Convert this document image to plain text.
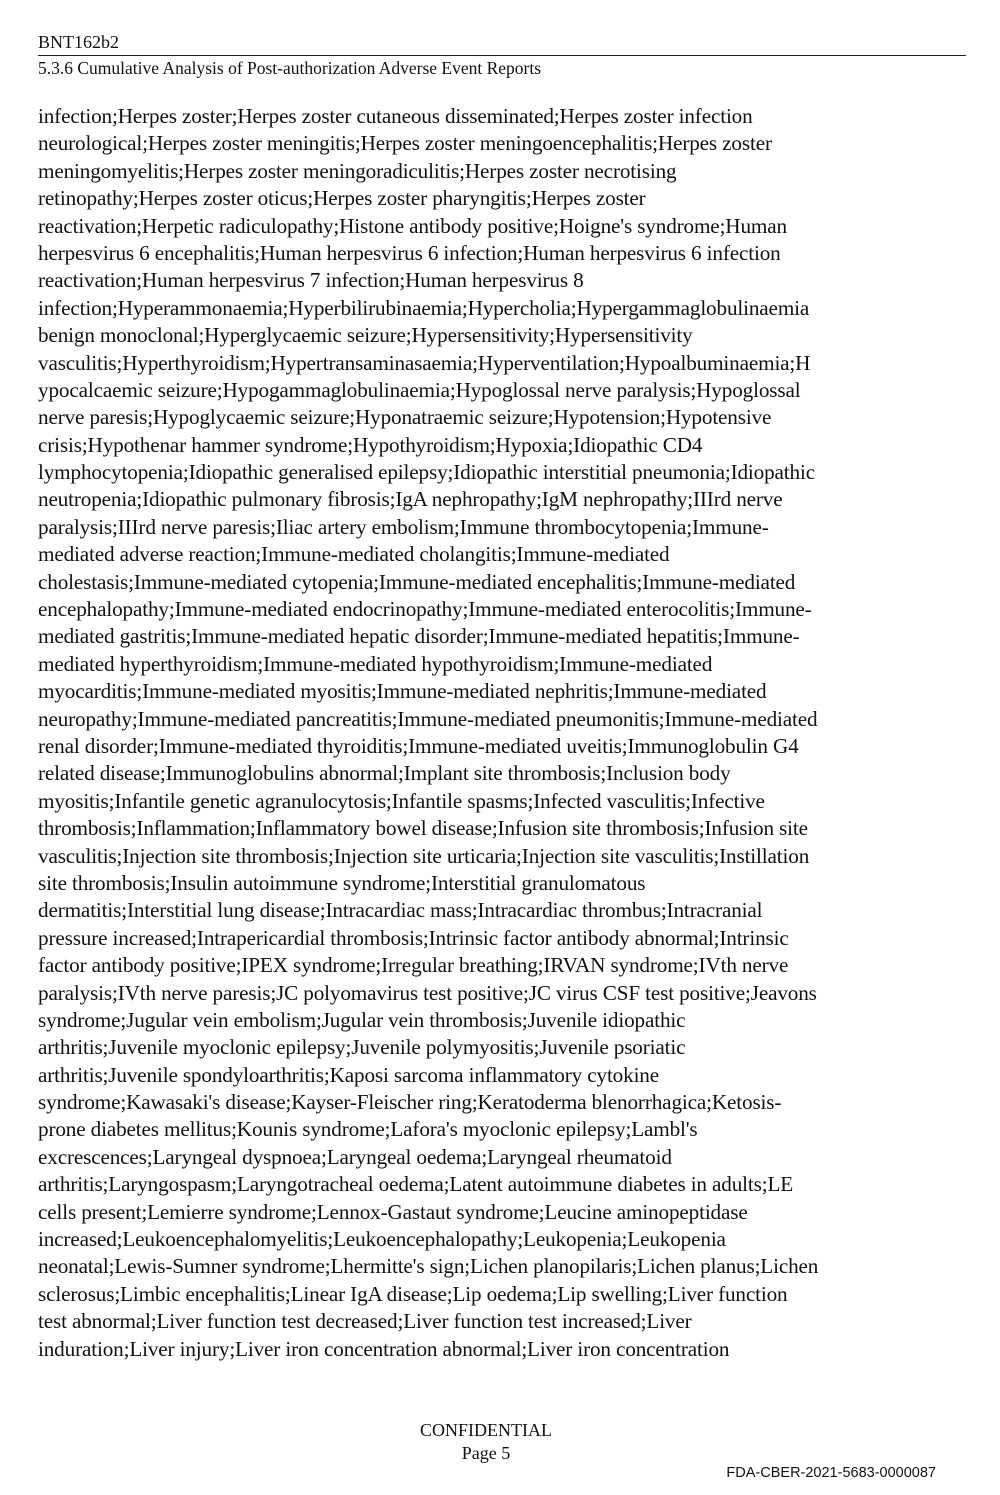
BNT162b2
5.3.6 Cumulative Analysis of Post-authorization Adverse Event Reports
infection;Herpes zoster;Herpes zoster cutaneous disseminated;Herpes zoster infection
neurological;Herpes zoster meningitis;Herpes zoster meningoencephalitis;Herpes zoster
meningomyelitis;Herpes zoster meningoradiculitis;Herpes zoster necrotising
retinopathy;Herpes zoster oticus;Herpes zoster pharyngitis;Herpes zoster
reactivation;Herpetic radiculopathy;Histone antibody positive;Hoigne's syndrome;Human
herpesvirus 6 encephalitis;Human herpesvirus 6 infection;Human herpesvirus 6 infection
reactivation;Human herpesvirus 7 infection;Human herpesvirus 8
infection;Hyperammonaemia;Hyperbilirubinaemia;Hypercholia;Hypergammaglobulinaemia
benign monoclonal;Hyperglycaemic seizure;Hypersensitivity;Hypersensitivity
vasculitis;Hyperthyroidism;Hypertransaminasaemia;Hyperventilation;Hypoalbuminaemia;H
ypocalcaemic seizure;Hypogammaglobulinaemia;Hypoglossal nerve paralysis;Hypoglossal
nerve paresis;Hypoglycaemic seizure;Hyponatraemic seizure;Hypotension;Hypotensive
crisis;Hypothenar hammer syndrome;Hypothyroidism;Hypoxia;Idiopathic CD4
lymphocytopenia;Idiopathic generalised epilepsy;Idiopathic interstitial pneumonia;Idiopathic
neutropenia;Idiopathic pulmonary fibrosis;IgA nephropathy;IgM nephropathy;IIIrd nerve
paralysis;IIIrd nerve paresis;Iliac artery embolism;Immune thrombocytopenia;Immune-
mediated adverse reaction;Immune-mediated cholangitis;Immune-mediated
cholestasis;Immune-mediated cytopenia;Immune-mediated encephalitis;Immune-mediated
encephalopathy;Immune-mediated endocrinopathy;Immune-mediated enterocolitis;Immune-
mediated gastritis;Immune-mediated hepatic disorder;Immune-mediated hepatitis;Immune-
mediated hyperthyroidism;Immune-mediated hypothyroidism;Immune-mediated
myocarditis;Immune-mediated myositis;Immune-mediated nephritis;Immune-mediated
neuropathy;Immune-mediated pancreatitis;Immune-mediated pneumonitis;Immune-mediated
renal disorder;Immune-mediated thyroiditis;Immune-mediated uveitis;Immunoglobulin G4
related disease;Immunoglobulins abnormal;Implant site thrombosis;Inclusion body
myositis;Infantile genetic agranulocytosis;Infantile spasms;Infected vasculitis;Infective
thrombosis;Inflammation;Inflammatory bowel disease;Infusion site thrombosis;Infusion site
vasculitis;Injection site thrombosis;Injection site urticaria;Injection site vasculitis;Instillation
site thrombosis;Insulin autoimmune syndrome;Interstitial granulomatous
dermatitis;Interstitial lung disease;Intracardiac mass;Intracardiac thrombus;Intracranial
pressure increased;Intrapericardial thrombosis;Intrinsic factor antibody abnormal;Intrinsic
factor antibody positive;IPEX syndrome;Irregular breathing;IRVAN syndrome;IVth nerve
paralysis;IVth nerve paresis;JC polyomavirus test positive;JC virus CSF test positive;Jeavons
syndrome;Jugular vein embolism;Jugular vein thrombosis;Juvenile idiopathic
arthritis;Juvenile myoclonic epilepsy;Juvenile polymyositis;Juvenile psoriatic
arthritis;Juvenile spondyloarthritis;Kaposi sarcoma inflammatory cytokine
syndrome;Kawasaki's disease;Kayser-Fleischer ring;Keratoderma blenorrhagica;Ketosis-
prone diabetes mellitus;Kounis syndrome;Lafora's myoclonic epilepsy;Lambl's
excrescences;Laryngeal dyspnoea;Laryngeal oedema;Laryngeal rheumatoid
arthritis;Laryngospasm;Laryngotracheal oedema;Latent autoimmune diabetes in adults;LE
cells present;Lemierre syndrome;Lennox-Gastaut syndrome;Leucine aminopeptidase
increased;Leukoencephalomyelitis;Leukoencephalopathy;Leukopenia;Leukopenia
neonatal;Lewis-Sumner syndrome;Lhermitte's sign;Lichen planopilaris;Lichen planus;Lichen
sclerosus;Limbic encephalitis;Linear IgA disease;Lip oedema;Lip swelling;Liver function
test abnormal;Liver function test decreased;Liver function test increased;Liver
induration;Liver injury;Liver iron concentration abnormal;Liver iron concentration
CONFIDENTIAL
Page 5
FDA-CBER-2021-5683-0000087
